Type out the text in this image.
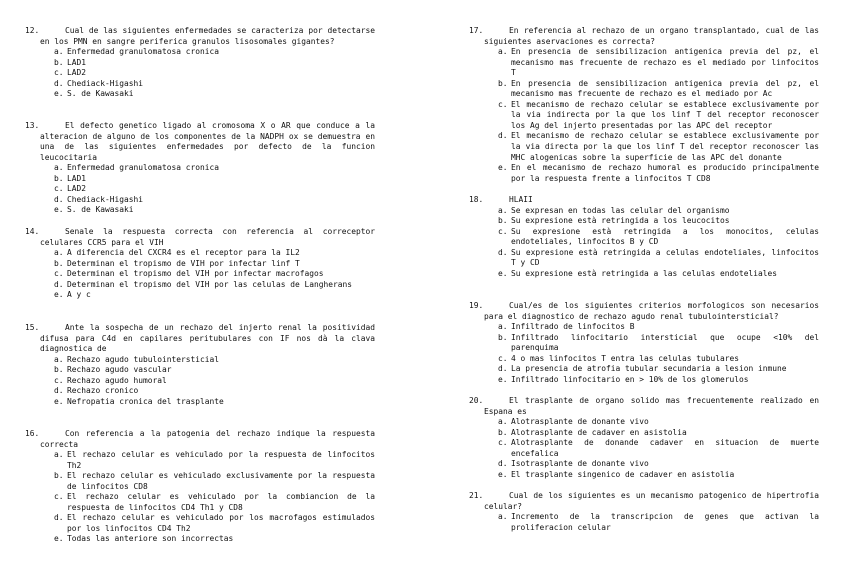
12.	Cual de las siguientes enfermedades se caracteriza por detectarse en los PMN en sangre periferica granulos lisosomales gigantes?
a. Enfermedad granulomatosa cronica
b. LAD1
c. LAD2
d. Chediack-Higashi
e. S. de Kawasaki
13.	El defecto genetico ligado al cromosoma X o AR que conduce a la alteracion de alguno de los componentes de la NADPH ox se demuestra en una de las siguientes enfermedades por defecto de la funcion leucocitaria
a. Enfermedad granulomatosa cronica
b. LAD1
c. LAD2
d. Chediack-Higashi
e. S. de Kawasaki
14.	Senale la respuesta correcta con referencia al correceptor celulares CCR5 para el VIH
a. A diferencia del CXCR4 es el receptor para la IL2
b. Determinan el tropismo de VIH por infectar linf T
c. Determinan el tropismo del VIH por infectar macrofagos
d. Determinan el tropismo del VIH por las celulas de Langherans
e. A y c
15.	Ante la sospecha de un rechazo del injerto renal la positividad difusa para C4d en capilares peritubulares con IF nos dà la clava diagnostica de
a. Rechazo agudo tubulointersticial
b. Rechazo agudo vascular
c. Rechazo agudo humoral
d. Rechazo cronico
e. Nefropatia cronica del trasplante
16.	Con referencia a la patogenia del rechazo indique la respuesta correcta
a. El rechazo celular es vehiculado por la respuesta de linfocitos Th2
b. El rechazo celular es vehiculado exclusivamente por la respuesta de linfocitos CD8
c. El rechazo celular es vehiculado por la combiancion de la respuesta de linfocitos CD4 Th1 y CD8
d. El rechazo celular es vehiculado por los macrofagos estimulados por los linfocitos CD4 Th2
e. Todas las anteriore son incorrectas
17.	En referencia al rechazo de un organo transplantado, cual de las siguientes aservaciones es correcta?
a. En presencia de sensibilizacion antigenica previa del pz, el mecanismo mas frecuente de rechazo es el mediado por linfocitos T
b. En presencia de sensibilizacion antigenica previa del pz, el mecanismo mas frecuente de rechazo es el mediado por Ac
c. El mecanismo de rechazo celular se establece exclusivamente por la via indirecta por la que los linf T del receptor reconoscer los Ag del injerto presentadas por las APC del receptor
d. El mecanismo de rechazo celular se establece exclusivamente por la via directa por la que los linf T del receptor reconoscer las MHC alogenicas sobre la superficie de las APC del donante
e. En el mecanismo de rechazo humoral es producido principalmente por la respuesta frente a linfocitos T CD8
18.	HLAII
a. Se expresan en todas las celular del organismo
b. Su expresione està retringida a los leucocitos
c. Su expresione està retringida a los monocitos, celulas endoteliales, linfocitos B y CD
d. Su expresione està retringida a celulas endoteliales, linfocitos T y CD
e. Su expresione està retringida a las celulas endoteliales
19.	Cual/es de los siguientes criterios morfologicos son necesarios para el diagnostico de rechazo agudo renal tubulointersticial?
a. Infiltrado de linfocitos B
b. Infiltrado linfocitario intersticial que ocupe <10% del parenquima
c. 4 o mas linfocitos T entra las celulas tubulares
d. La presencia de atrofia tubular secundaria a lesion inmune
e. Infiltrado linfocitario en > 10% de los glomerulos
20.	El trasplante de organo solido mas frecuentemente realizado en Espana es
a. Alotrasplante de donante vivo
b. Alotrasplante de cadaver en asistolia
c. Alotrasplante de donande cadaver en situacion de muerte encefalica
d. Isotrasplante de donante vivo
e. El trasplante singenico de cadaver en asistolia
21.	Cual de los siguientes es un mecanismo patogenico de hipertrofia celular?
a. Incremento de la transcripcion de genes que activan la proliferacion celular
